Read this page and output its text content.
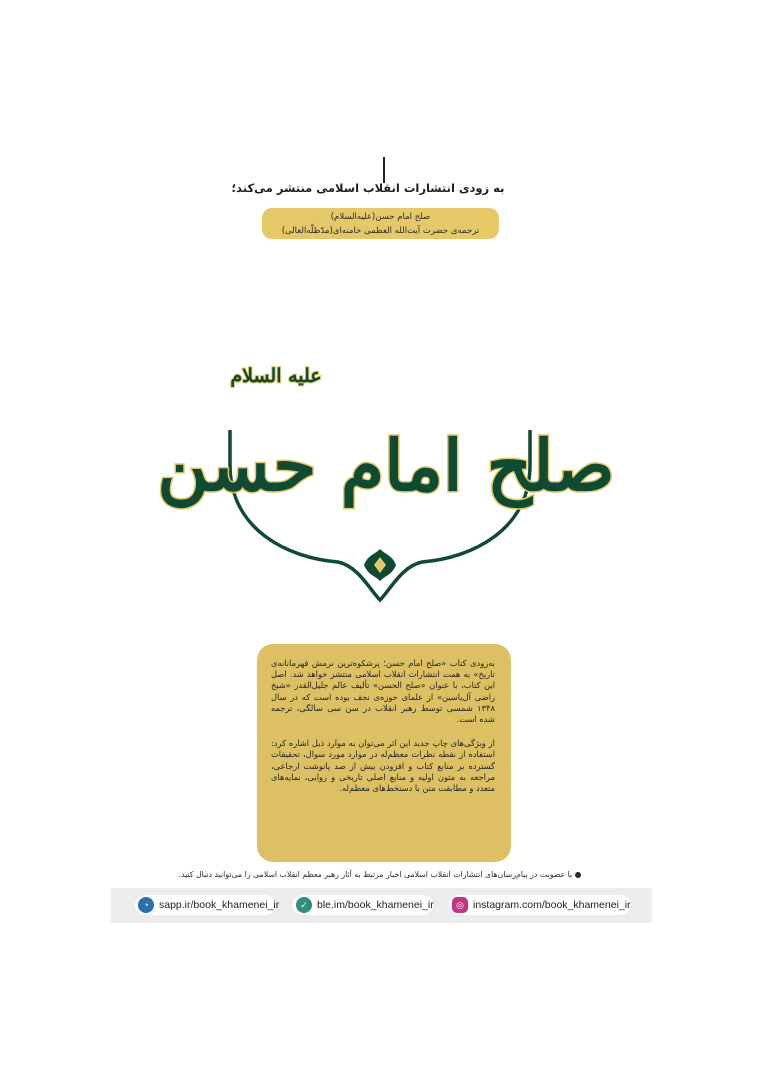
به زودی انتشارات انقلاب اسلامی منتشر می‌کند؛
صلح امام حسن(علیه‌السلام)
ترجمه‌ی حضرت آیت‌الله العظمی خامنه‌ای(مدّظلّه‌العالی)
صلح امام حسن
علیه السلام

به‌زودی کتاب «صلح امام حسن؛ پرشکوه‌ترین نرمش قهرمانانه‌ی تاریخ» به همت انتشارات انقلاب اسلامی منتشر خواهد شد. اصل این کتاب، با عنوان «صلح الحسن» تألیف عالم جلیل‌القدر «شیخ راضی آل‌یاسین» از علمای حوزه‌ی نجف بوده است که در سال ۱۳۴۸ شمسی توسط رهبر انقلاب در سن سی سالگی، ترجمه شده است.

از ویژگی‌های چاپ جدید این اثر می‌توان به موارد ذیل اشاره کرد: استفاده از نقطه نظرات معظم‌له در موارد مورد سوال، تحقیقات گسترده بر منابع کتاب و افزودن بیش از صد پانوشت ارجاعی، مراجعه به متون اولیه و منابع اصلی تاریخی و روایی، نمایه‌های متعدد و مطابقت متن با دستخط‌های معظم‌له.

● با عضویت در پیام‌رسان‌های انتشارات انقلاب اسلامی اخبار مرتبط به آثار رهبر معظم انقلاب اسلامی را می‌توانید دنبال کنید.
◔ sapp.ir/book_khamenei_ir	✓ ble.im/book_khamenei_ir	◎ instagram.com/book_khamenei_ir
